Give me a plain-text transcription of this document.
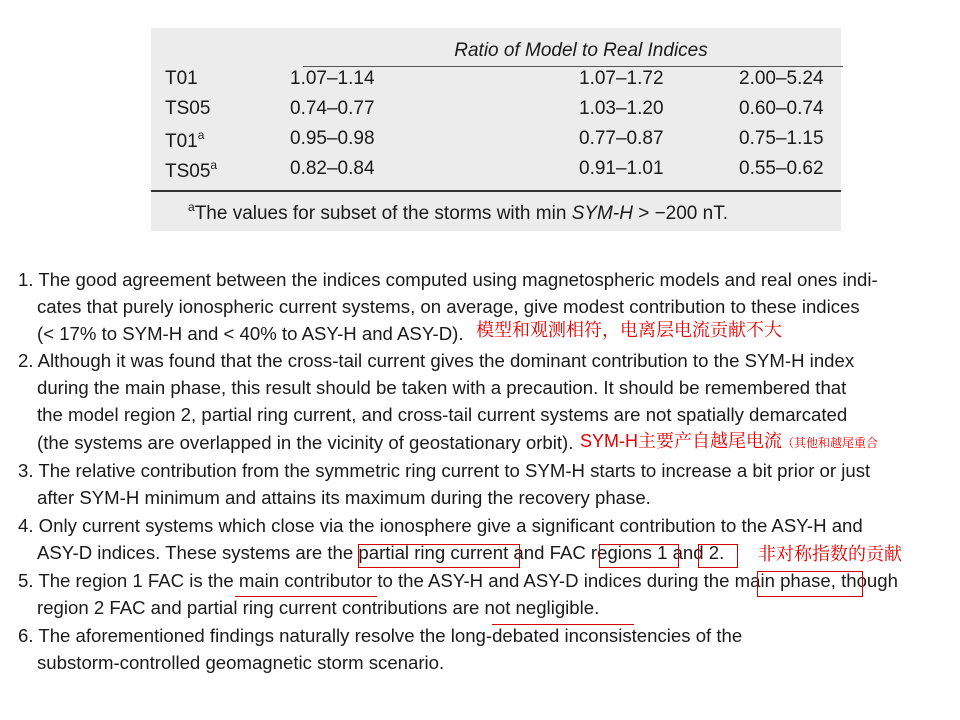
Ratio of Model to Real Indices
T01	1.07–1.14	1.07–1.72	2.00–5.24
TS05	0.74–0.77	1.03–1.20	0.60–0.74
T01$^a$	0.95–0.98	0.77–0.87	0.75–1.15
TS05$^a$	0.82–0.84	0.91–1.01	0.55–0.62
$^a$The values for subset of the storms with min SYM-H > −200 nT.
1. The good agreement between the indices computed using magnetospheric models and real ones indi-
cates that purely ionospheric current systems, on average, give modest contribution to these indices
(< 17% to SYM-H and < 40% to ASY-H and ASY-D).
2. Although it was found that the cross-tail current gives the dominant contribution to the SYM-H index
during the main phase, this result should be taken with a precaution. It should be remembered that
the model region 2, partial ring current, and cross-tail current systems are not spatially demarcated
(the systems are overlapped in the vicinity of geostationary orbit).
3. The relative contribution from the symmetric ring current to SYM-H starts to increase a bit prior or just
after SYM-H minimum and attains its maximum during the recovery phase.
4. Only current systems which close via the ionosphere give a significant contribution to the ASY-H and
ASY-D indices. These systems are the partial ring current and FAC regions 1 and 2.
5. The region 1 FAC is the main contributor to the ASY-H and ASY-D indices during the main phase, though
region 2 FAC and partial ring current contributions are not negligible.
6. The aforementioned findings naturally resolve the long-debated inconsistencies of the
substorm-controlled geomagnetic storm scenario.
模型和观测相符，电离层电流贡献不大
SYM-H主要产自越尾电流（其他和越尾重合
非对称指数的贡献
